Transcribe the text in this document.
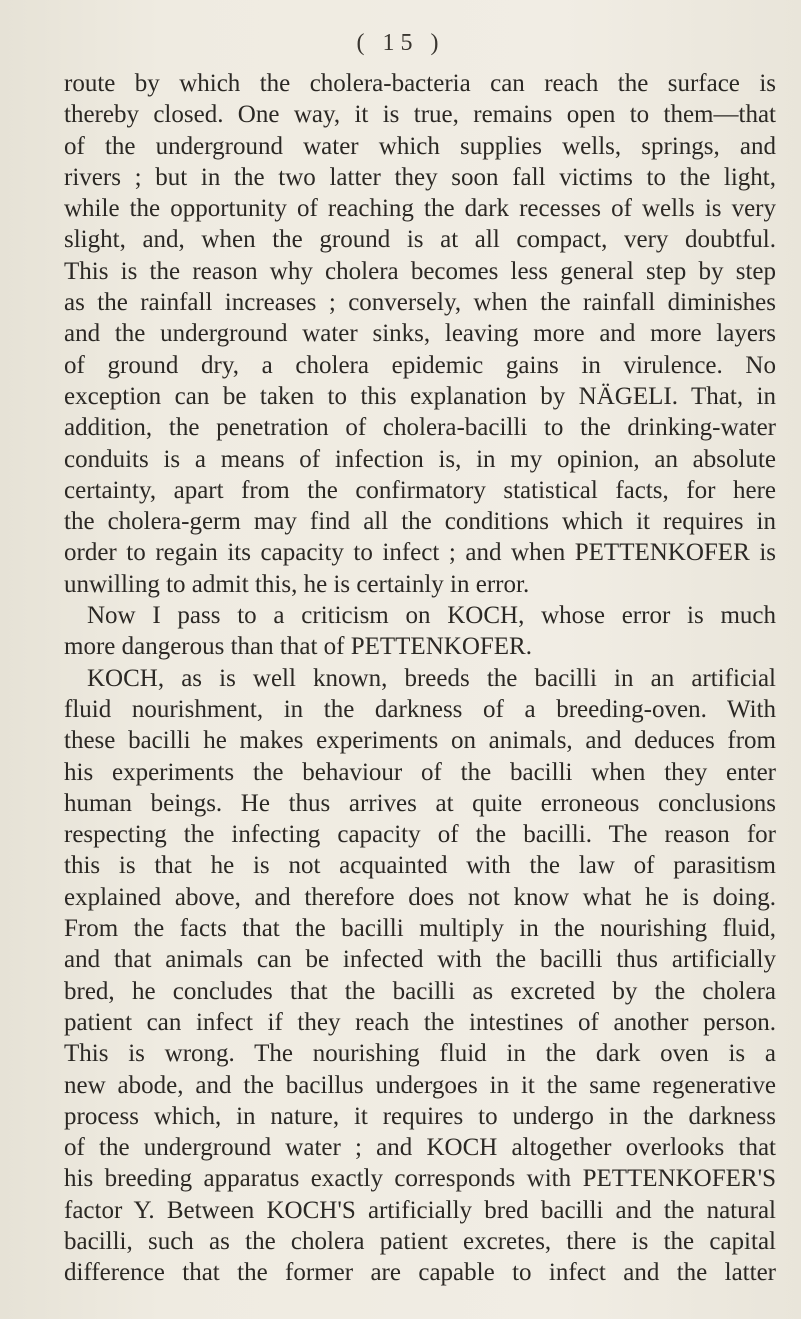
( 15 )
route by which the cholera-bacteria can reach the surface is
thereby closed. One way, it is true, remains open to them—that
of the underground water which supplies wells, springs, and
rivers ; but in the two latter they soon fall victims to the light,
while the opportunity of reaching the dark recesses of wells is very
slight, and, when the ground is at all compact, very doubtful.
This is the reason why cholera becomes less general step by step
as the rainfall increases ; conversely, when the rainfall diminishes
and the underground water sinks, leaving more and more layers
of ground dry, a cholera epidemic gains in virulence. No
exception can be taken to this explanation by NÄGELI. That, in
addition, the penetration of cholera-bacilli to the drinking-water
conduits is a means of infection is, in my opinion, an absolute
certainty, apart from the confirmatory statistical facts, for here
the cholera-germ may find all the conditions which it requires in
order to regain its capacity to infect ; and when PETTENKOFER is
unwilling to admit this, he is certainly in error.
Now I pass to a criticism on KOCH, whose error is much
more dangerous than that of PETTENKOFER.
KOCH, as is well known, breeds the bacilli in an artificial
fluid nourishment, in the darkness of a breeding-oven. With
these bacilli he makes experiments on animals, and deduces from
his experiments the behaviour of the bacilli when they enter
human beings. He thus arrives at quite erroneous conclusions
respecting the infecting capacity of the bacilli. The reason for
this is that he is not acquainted with the law of parasitism
explained above, and therefore does not know what he is doing.
From the facts that the bacilli multiply in the nourishing fluid,
and that animals can be infected with the bacilli thus artificially
bred, he concludes that the bacilli as excreted by the cholera
patient can infect if they reach the intestines of another person.
This is wrong. The nourishing fluid in the dark oven is a
new abode, and the bacillus undergoes in it the same regenerative
process which, in nature, it requires to undergo in the darkness
of the underground water ; and KOCH altogether overlooks that
his breeding apparatus exactly corresponds with PETTENKOFER'S
factor Y. Between KOCH'S artificially bred bacilli and the natural
bacilli, such as the cholera patient excretes, there is the capital
difference that the former are capable to infect and the latter
